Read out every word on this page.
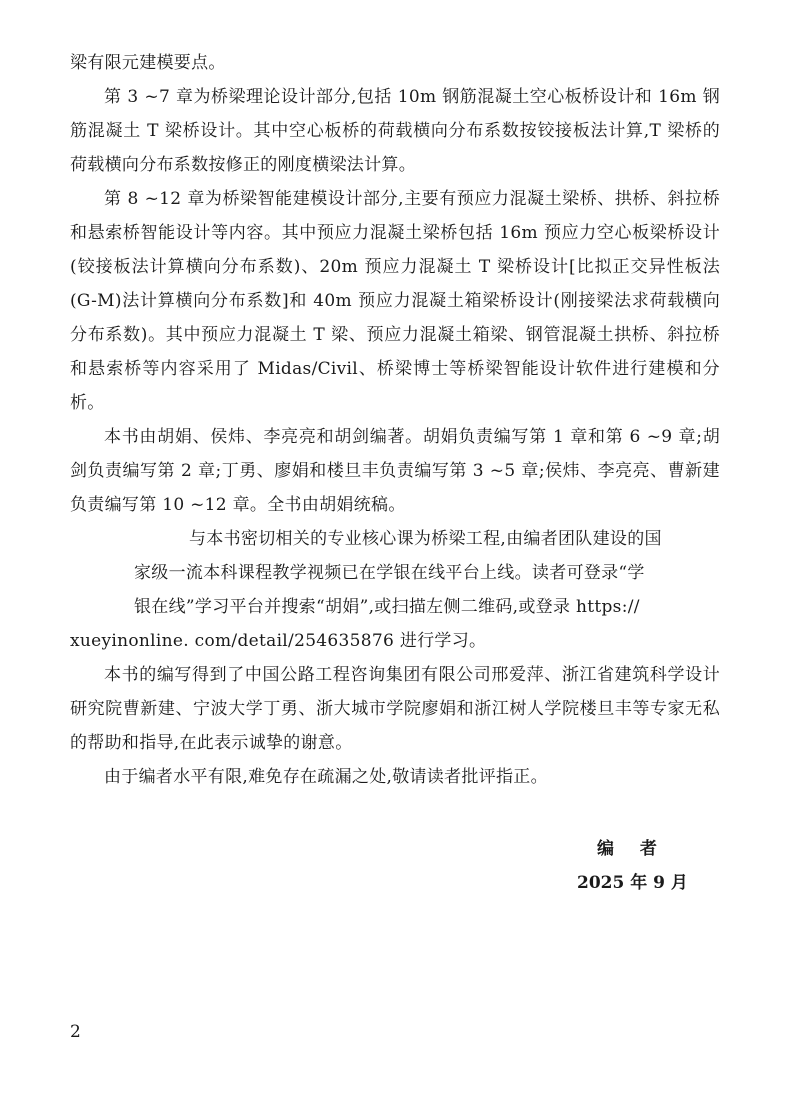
梁有限元建模要点。

第 3 ~7 章为桥梁理论设计部分,包括 10m 钢筋混凝土空心板桥设计和 16m 钢筋混凝土 T 梁桥设计。其中空心板桥的荷载横向分布系数按铰接板法计算,T 梁桥的荷载横向分布系数按修正的刚度横梁法计算。

第 8 ~12 章为桥梁智能建模设计部分,主要有预应力混凝土梁桥、拱桥、斜拉桥和悬索桥智能设计等内容。其中预应力混凝土梁桥包括 16m 预应力空心板梁桥设计(铰接板法计算横向分布系数)、20m 预应力混凝土 T 梁桥设计[比拟正交异性板法(G-M)法计算横向分布系数]和 40m 预应力混凝土箱梁桥设计(刚接梁法求荷载横向分布系数)。其中预应力混凝土 T 梁、预应力混凝土箱梁、钢管混凝土拱桥、斜拉桥和悬索桥等内容采用了 Midas/Civil、桥梁博士等桥梁智能设计软件进行建模和分析。

本书由胡娟、侯炜、李亮亮和胡剑编著。胡娟负责编写第 1 章和第 6 ~9 章;胡剑负责编写第 2 章;丁勇、廖娟和楼旦丰负责编写第 3 ~5 章;侯炜、李亮亮、曹新建负责编写第 10 ~12 章。全书由胡娟统稿。

与本书密切相关的专业核心课为桥梁工程,由编者团队建设的国
家级一流本科课程教学视频已在学银在线平台上线。读者可登录“学
银在线”学习平台并搜索“胡娟”,或扫描左侧二维码,或登录 https://
xueyinonline. com/detail/254635876 进行学习。

本书的编写得到了中国公路工程咨询集团有限公司邢爱萍、浙江省建筑科学设计研究院曹新建、宁波大学丁勇、浙大城市学院廖娟和浙江树人学院楼旦丰等专家无私的帮助和指导,在此表示诚挚的谢意。

由于编者水平有限,难免存在疏漏之处,敬请读者批评指正。

编 者
2025 年 9 月
2
